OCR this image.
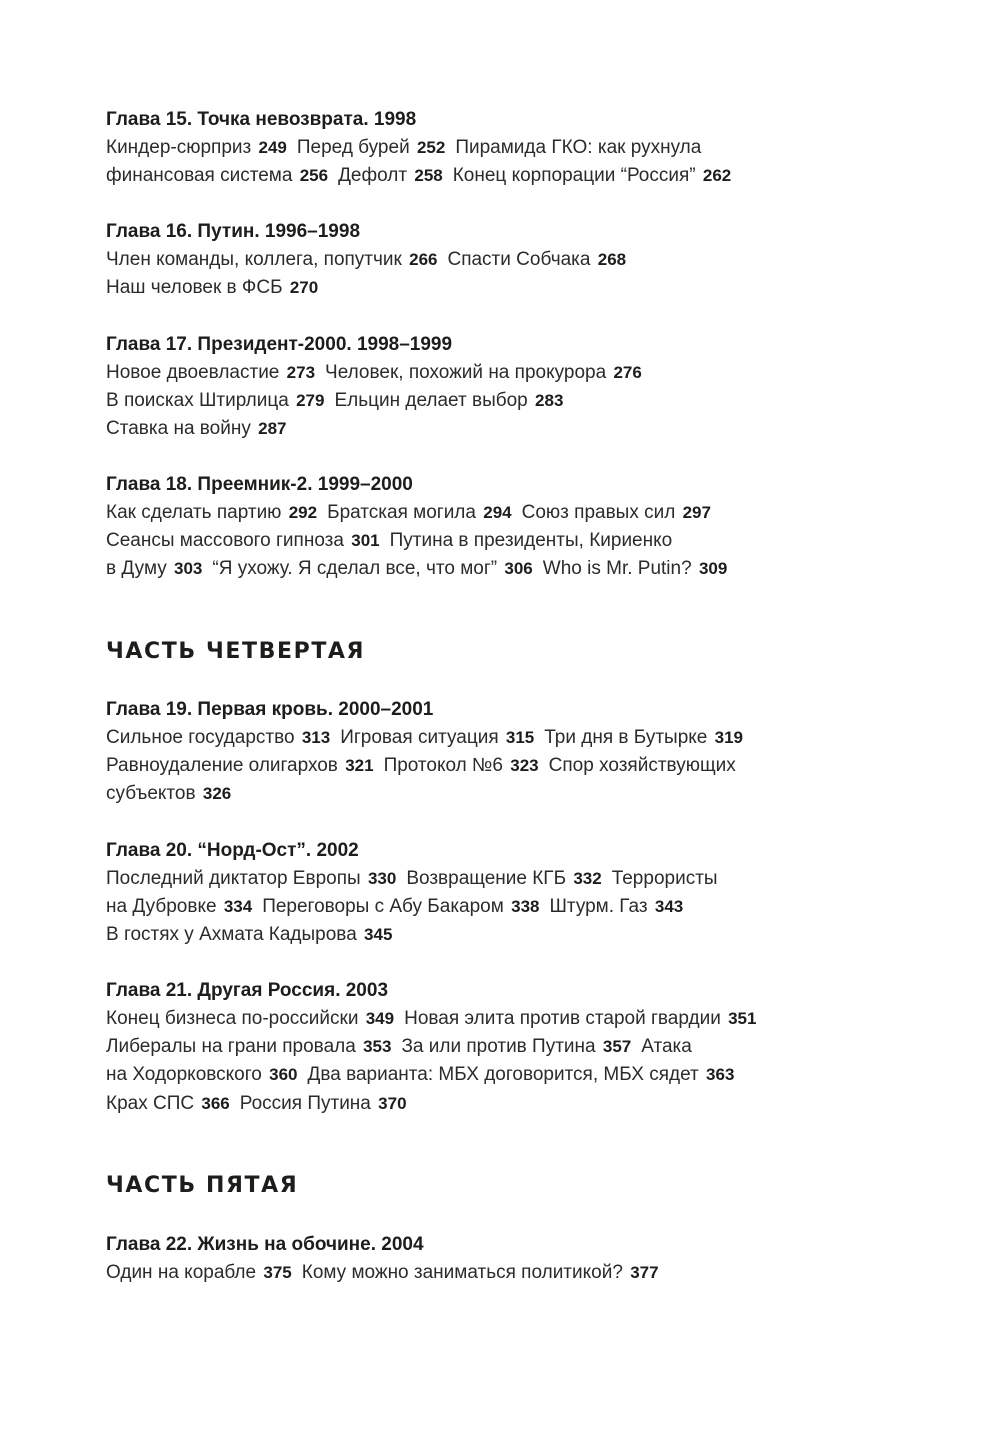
Глава 15. Точка невозврата. 1998
Киндер-сюрприз 249 Перед бурей 252 Пирамида ГКО: как рухнула
финансовая система 256 Дефолт 258 Конец корпорации “Россия” 262
Глава 16. Путин. 1996–1998
Член команды, коллега, попутчик 266 Спасти Собчака 268
Наш человек в ФСБ 270
Глава 17. Президент-2000. 1998–1999
Новое двоевластие 273 Человек, похожий на прокурора 276
В поисках Штирлица 279 Ельцин делает выбор 283
Ставка на войну 287
Глава 18. Преемник-2. 1999–2000
Как сделать партию 292 Братская могила 294 Союз правых сил 297
Сеансы массового гипноза 301 Путина в президенты, Кириенко
в Думу 303 “Я ухожу. Я сделал все, что мог” 306 Who is Mr. Putin? 309
ЧАСТЬ ЧЕТВЕРТАЯ
Глава 19. Первая кровь. 2000–2001
Сильное государство 313 Игровая ситуация 315 Три дня в Бутырке 319
Равноудаление олигархов 321 Протокол №6 323 Спор хозяйствующих
субъектов 326
Глава 20. “Норд-Ост”. 2002
Последний диктатор Европы 330 Возвращение КГБ 332 Террористы
на Дубровке 334 Переговоры с Абу Бакаром 338 Штурм. Газ 343
В гостях у Ахмата Кадырова 345
Глава 21. Другая Россия. 2003
Конец бизнеса по-российски 349 Новая элита против старой гвардии 351
Либералы на грани провала 353 За или против Путина 357 Атака
на Ходорковского 360 Два варианта: МБХ договорится, МБХ сядет 363
Крах СПС 366 Россия Путина 370
ЧАСТЬ ПЯТАЯ
Глава 22. Жизнь на обочине. 2004
Один на корабле 375 Кому можно заниматься политикой? 377
